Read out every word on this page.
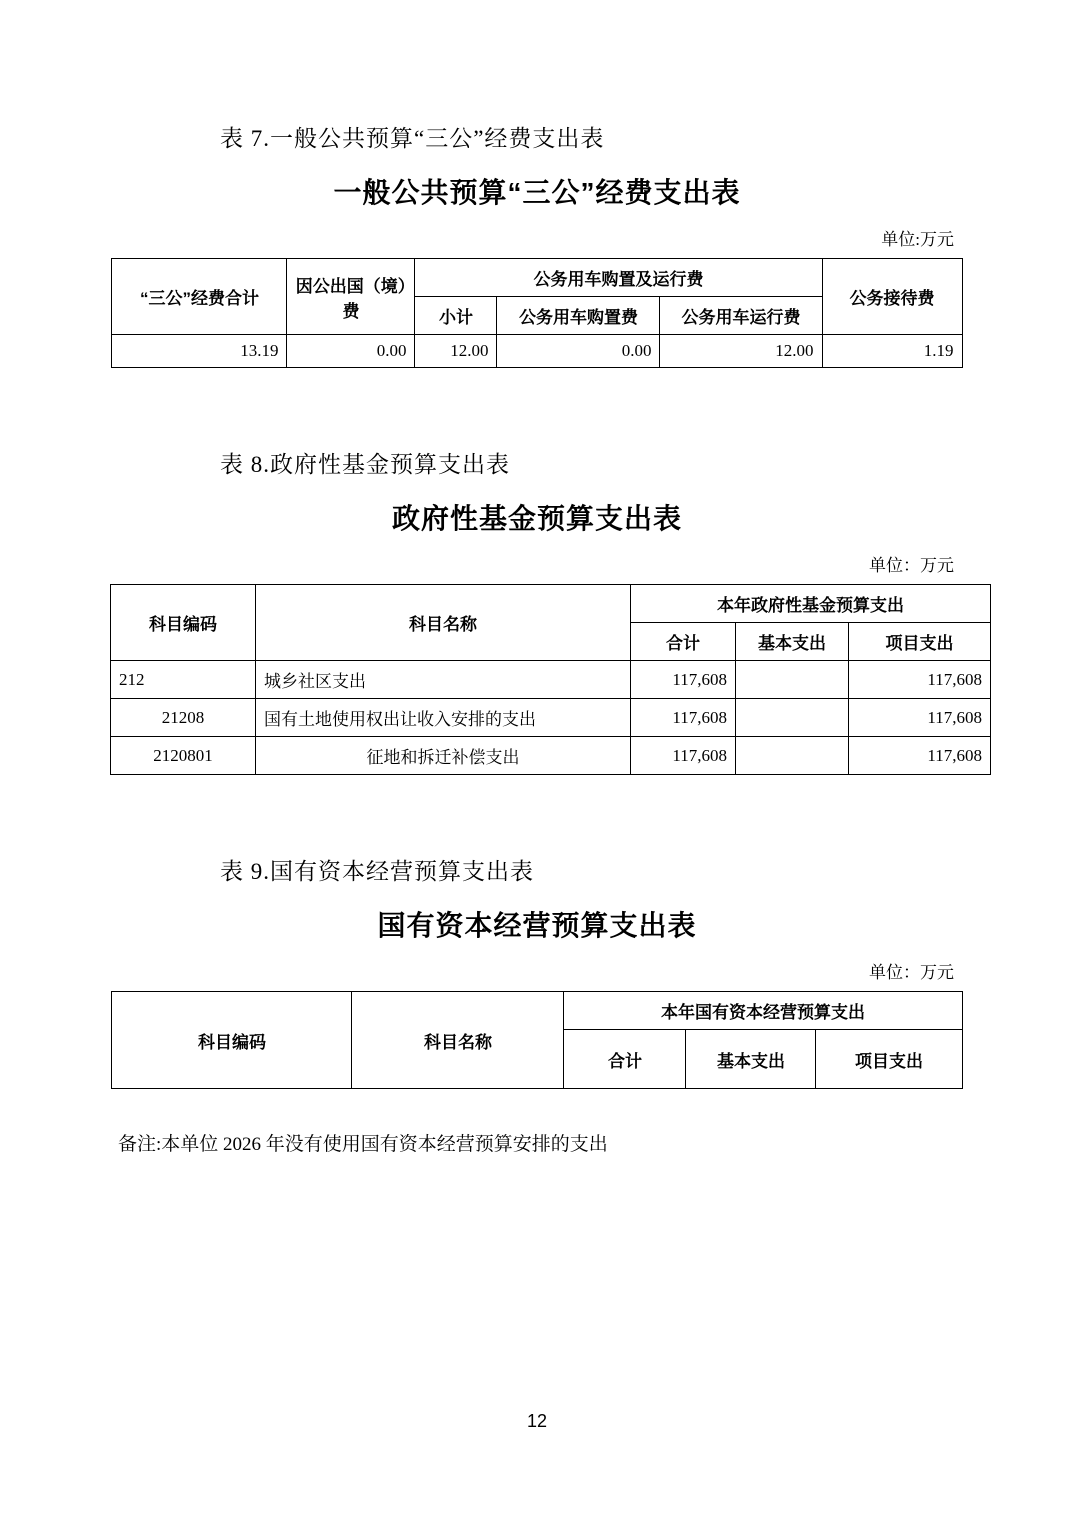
表 7.一般公共预算“三公”经费支出表
一般公共预算“三公”经费支出表
单位:万元
“三公”经费合计	因公出国（境）费	公务用车购置及运行费			公务接待费
		小计	公务用车购置费	公务用车运行费	
13.19	0.00	12.00	0.00	12.00	1.19
表 8.政府性基金预算支出表
政府性基金预算支出表
单位：万元
科目编码	科目名称	本年政府性基金预算支出		
		合计	基本支出	项目支出
212	城乡社区支出	117,608		117,608
21208	国有土地使用权出让收入安排的支出	117,608		117,608
2120801	征地和拆迁补偿支出	117,608		117,608
表 9.国有资本经营预算支出表
国有资本经营预算支出表
单位：万元
科目编码	科目名称	本年国有资本经营预算支出		
		合计	基本支出	项目支出
备注:本单位 2026 年没有使用国有资本经营预算安排的支出
12
